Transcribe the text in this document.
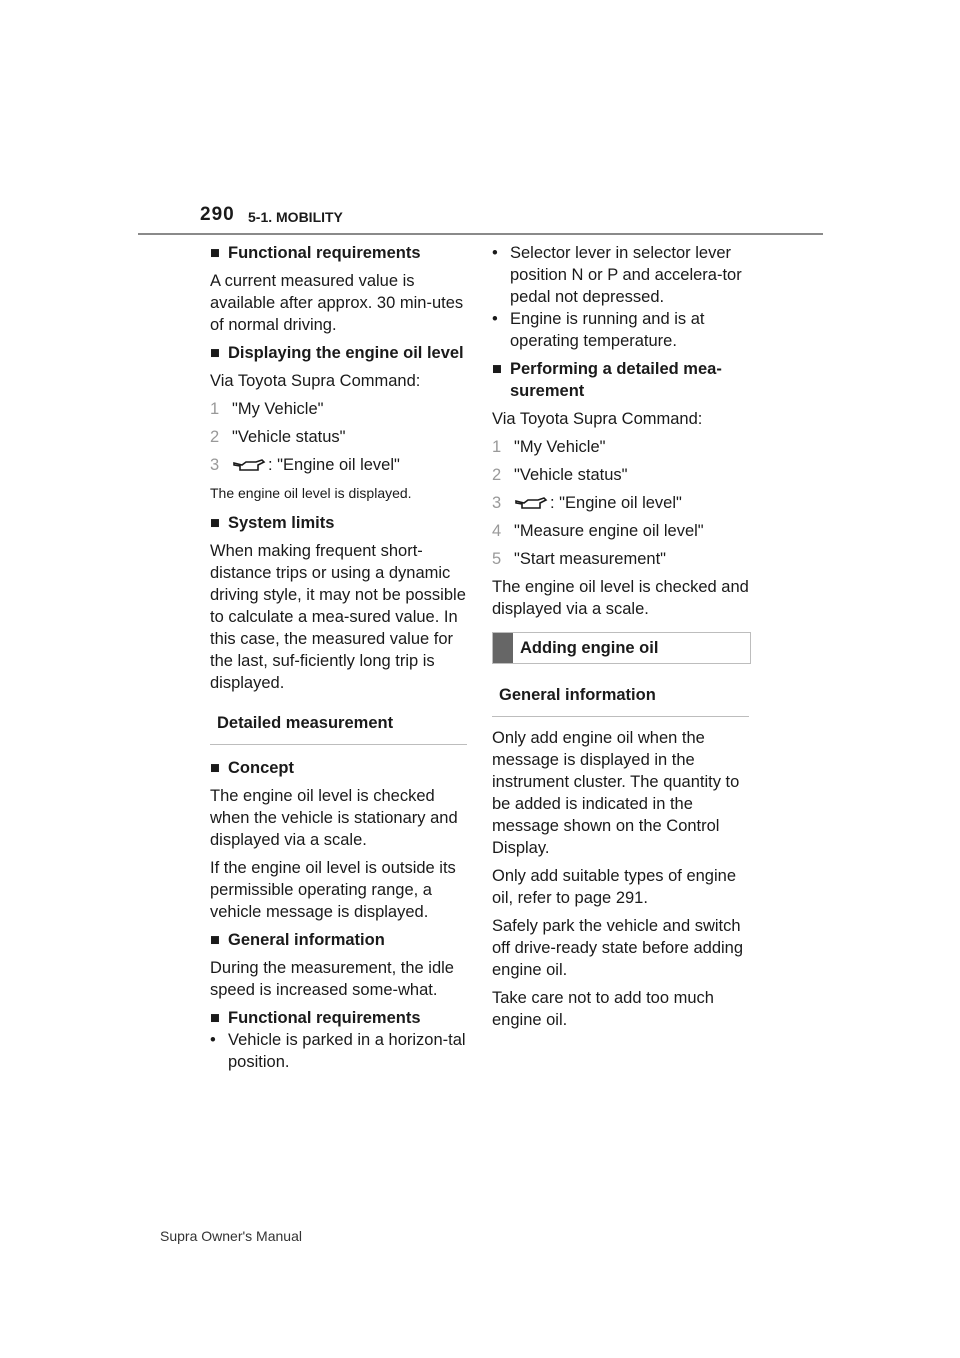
290 5-1. MOBILITY
■ Functional requirements
A current measured value is available after approx. 30 min-utes of normal driving.
■ Displaying the engine oil level
Via Toyota Supra Command:
1 "My Vehicle"
2 "Vehicle status"
3	: "Engine oil level"
The engine oil level is displayed.
■ System limits
When making frequent short-distance trips or using a dynamic driving style, it may not be possible to calculate a mea-sured value. In this case, the measured value for the last, suf-ficiently long trip is displayed.
Detailed measurement
■ Concept
The engine oil level is checked when the vehicle is stationary and displayed via a scale.
If the engine oil level is outside its permissible operating range, a vehicle message is displayed.
■ General information
During the measurement, the idle speed is increased some-what.
■ Functional requirements
• Vehicle is parked in a horizon-tal position.
• Selector lever in selector lever position N or P and accelera-tor pedal not depressed.
• Engine is running and is at operating temperature.
■ Performing a detailed mea-surement
Via Toyota Supra Command:
1 "My Vehicle"
2 "Vehicle status"
3	: "Engine oil level"
4 "Measure engine oil level"
5 "Start measurement"
The engine oil level is checked and displayed via a scale.
Adding engine oil
General information
Only add engine oil when the message is displayed in the instrument cluster. The quantity to be added is indicated in the message shown on the Control Display.
Only add suitable types of engine oil, refer to page 291.
Safely park the vehicle and switch off drive-ready state before adding engine oil.
Take care not to add too much engine oil.
Supra Owner's Manual
